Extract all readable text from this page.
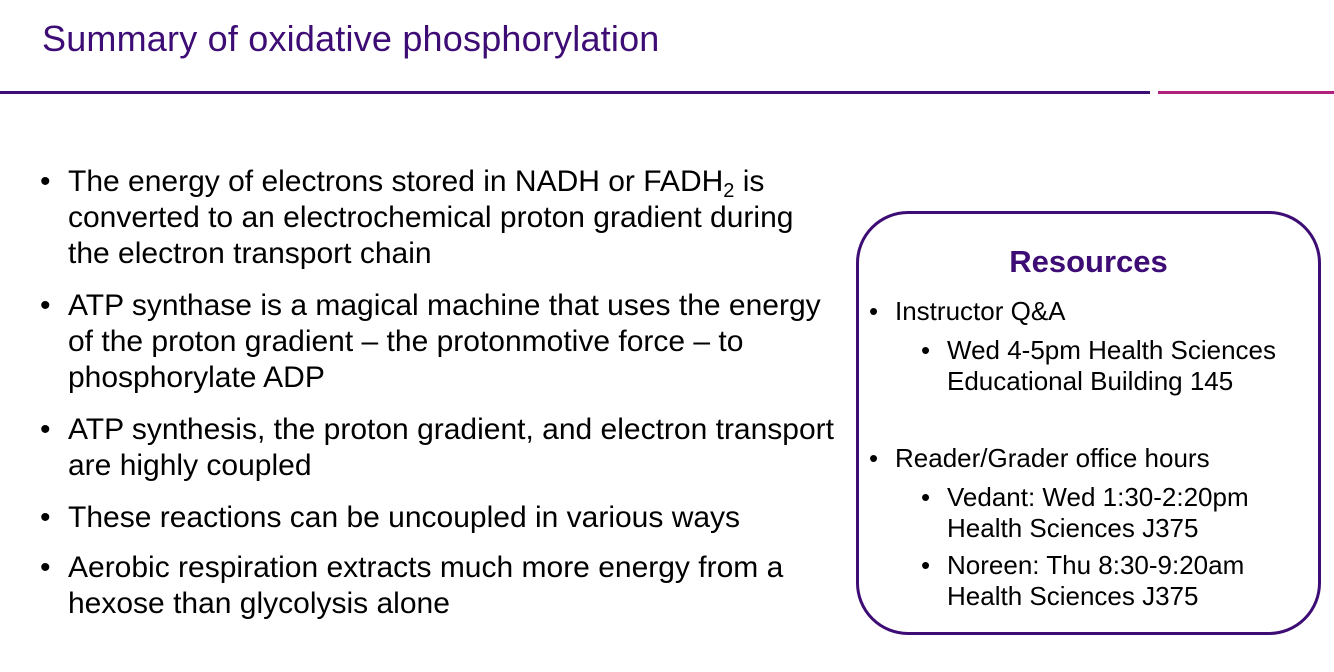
Summary of oxidative phosphorylation
• The energy of electrons stored in NADH or $FADH_2$ is converted to an electrochemical proton gradient during the electron transport chain
• ATP synthase is a magical machine that uses the energy of the proton gradient – the protonmotive force – to phosphorylate ADP
• ATP synthesis, the proton gradient, and electron transport are highly coupled
• These reactions can be uncoupled in various ways
• Aerobic respiration extracts much more energy from a hexose than glycolysis alone
Resources
• Instructor Q&A
• Wed 4-5pm Health Sciences
Educational Building 145
• Reader/Grader office hours
• Vedant: Wed 1:30-2:20pm
Health Sciences J375
• Noreen: Thu 8:30-9:20am
Health Sciences J375
